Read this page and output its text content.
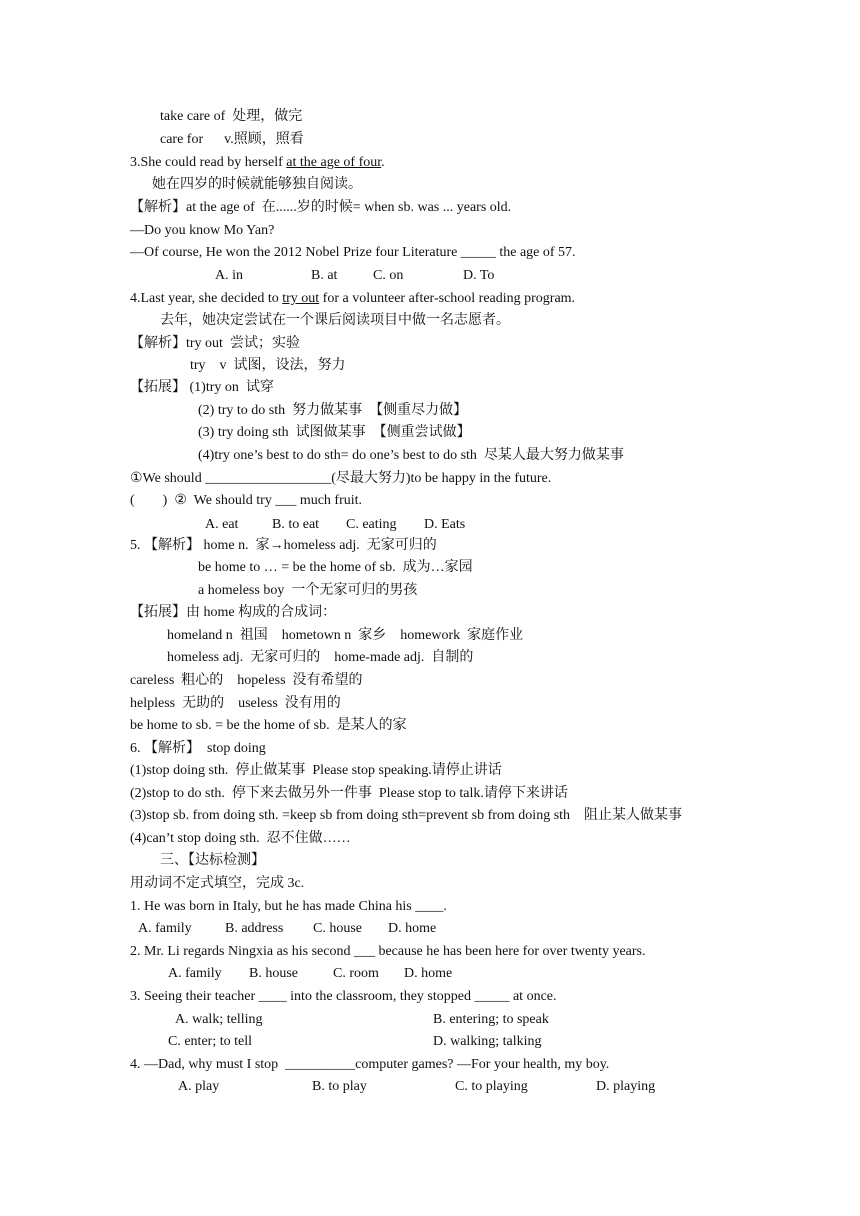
take care of  处理，做完
care for      v.照顾，照看
3.She could read by herself at the age of four.
她在四岁的时候就能够独自阅读。
【解析】at the age of  在......岁的时候= when sb. was ... years old.
—Do you know Mo Yan?
—Of course, He won the 2012 Nobel Prize four Literature _____ the age of 57.
A. in	B. at	C. on	D. To
4.Last year, she decided to try out for a volunteer after-school reading program.
去年，她决定尝试在一个课后阅读项目中做一名志愿者。
【解析】try out  尝试；实验
try    v  试图，设法，努力
【拓展】 (1)try on  试穿
(2) try to do sth  努力做某事  【侧重尽力做】
(3) try doing sth  试图做某事  【侧重尝试做】
(4)try one’s best to do sth= do one’s best to do sth  尽某人最大努力做某事
①We should __________________(尽最大努力)to be happy in the future.
(        )  ②  We should try ___ much fruit.
A. eat B. to eat C. eating D. Eats
5. 【解析】 home n.  家→homeless adj.  无家可归的
be home to … = be the home of sb.  成为…家园
a homeless boy  一个无家可归的男孩
【拓展】由 home 构成的合成词：
homeland n  祖国    hometown n  家乡    homework  家庭作业
homeless adj.  无家可归的    home-made adj.  自制的
careless  粗心的    hopeless  没有希望的
helpless  无助的    useless  没有用的
be home to sb. = be the home of sb.  是某人的家
6. 【解析】  stop doing
(1)stop doing sth.  停止做某事  Please stop speaking.请停止讲话
(2)stop to do sth.  停下来去做另外一件事  Please stop to talk.请停下来讲话
(3)stop sb. from doing sth. =keep sb from doing sth=prevent sb from doing sth    阻止某人做某事
(4)can’t stop doing sth.  忍不住做……
三、【达标检测】
用动词不定式填空，完成 3c.
1. He was born in Italy, but he has made China his ____.
A. family B. address C. house D. home
2. Mr. Li regards Ningxia as his second ___ because he has been here for over twenty years.
A. family B. house	C. room D. home
3. Seeing their teacher ____ into the classroom, they stopped _____ at once.
A. walk; telling	B. entering; to speak
C. enter; to tell	D. walking; talking
4. —Dad, why must I stop  __________computer games? —For your health, my boy.
A. play	B. to play	C. to playing	D. playing
